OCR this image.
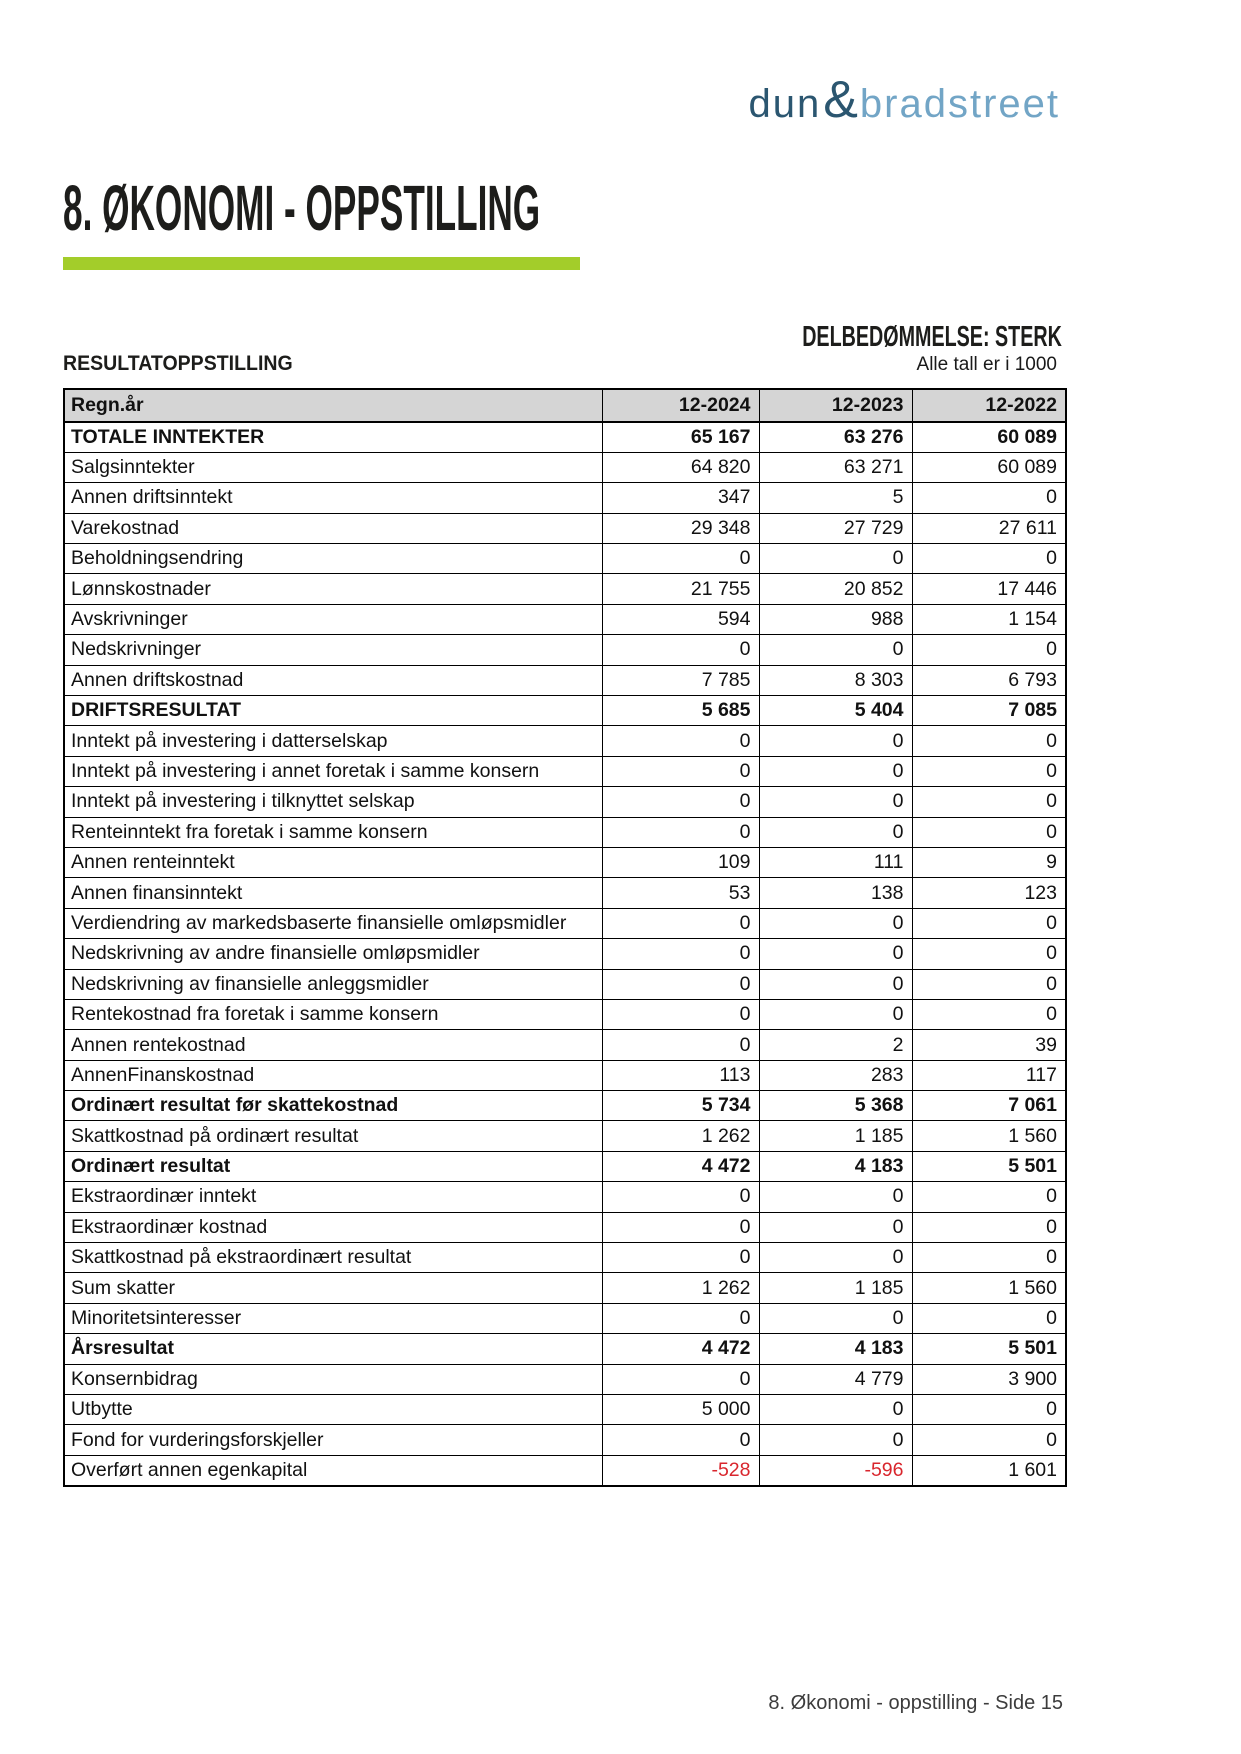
dun & bradstreet
8. ØKONOMI - OPPSTILLING
DELBEDØMMELSE: STERK
RESULTATOPPSTILLING	Alle tall er i 1000
Regn.år	12-2024	12-2023	12-2022
TOTALE INNTEKTER	65 167	63 276	60 089
Salgsinntekter	64 820	63 271	60 089
Annen driftsinntekt	347	5	0
Varekostnad	29 348	27 729	27 611
Beholdningsendring	0	0	0
Lønnskostnader	21 755	20 852	17 446
Avskrivninger	594	988	1 154
Nedskrivninger	0	0	0
Annen driftskostnad	7 785	8 303	6 793
DRIFTSRESULTAT	5 685	5 404	7 085
Inntekt på investering i datterselskap	0	0	0
Inntekt på investering i annet foretak i samme konsern	0	0	0
Inntekt på investering i tilknyttet selskap	0	0	0
Renteinntekt fra foretak i samme konsern	0	0	0
Annen renteinntekt	109	111	9
Annen finansinntekt	53	138	123
Verdiendring av markedsbaserte finansielle omløpsmidler	0	0	0
Nedskrivning av andre finansielle omløpsmidler	0	0	0
Nedskrivning av finansielle anleggsmidler	0	0	0
Rentekostnad fra foretak i samme konsern	0	0	0
Annen rentekostnad	0	2	39
AnnenFinanskostnad	113	283	117
Ordinært resultat før skattekostnad	5 734	5 368	7 061
Skattkostnad på ordinært resultat	1 262	1 185	1 560
Ordinært resultat	4 472	4 183	5 501
Ekstraordinær inntekt	0	0	0
Ekstraordinær kostnad	0	0	0
Skattkostnad på ekstraordinært resultat	0	0	0
Sum skatter	1 262	1 185	1 560
Minoritetsinteresser	0	0	0
Årsresultat	4 472	4 183	5 501
Konsernbidrag	0	4 779	3 900
Utbytte	5 000	0	0
Fond for vurderingsforskjeller	0	0	0
Overført annen egenkapital	-528	-596	1 601
8. Økonomi - oppstilling - Side 15
